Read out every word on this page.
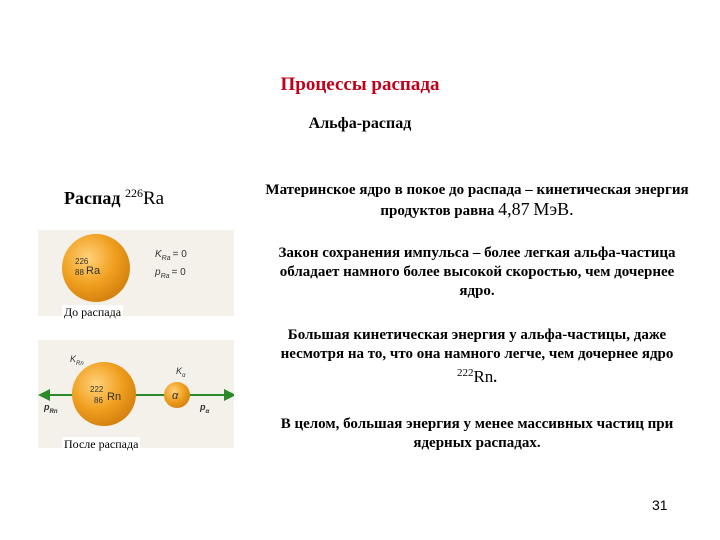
Процессы распада
Альфа-распад
Распад $^{226}$Ra	Материнское ядро в покое до распада – кинетическая энергия продуктов равна 4,87 МэВ.
Закон сохранения импульса – более легкая альфа-частица обладает намного более высокой скоростью, чем дочернее ядро.
Большая кинетическая энергия у альфа-частицы, даже несмотря на то, что она намного легче, чем дочернее ядро $^{222}$Rn.
В целом, большая энергия у менее массивных частиц при ядерных распадах.
226
88 Ra
$K_{Ra} = 0$
$p_{Ra} = 0$
До распада
$K_{Rn}$
222
86 Rn	α
$K_\alpha$
$p_{Rn}$	$p_\alpha$
После распада
31
